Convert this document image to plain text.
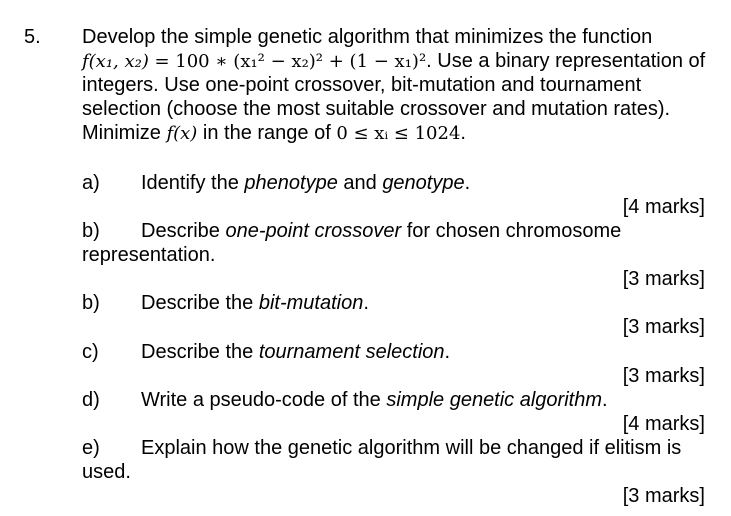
5. Develop the simple genetic algorithm that minimizes the function
f(x₁, x₂) = 100 ∗ (x₁² − x₂)² + (1 − x₁)². Use a binary representation of
integers. Use one-point crossover, bit-mutation and tournament
selection (choose the most suitable crossover and mutation rates).
Minimize f(x) in the range of 0 ≤ xᵢ ≤ 1024.
a) Identify the phenotype and genotype.
[4 marks]
b) Describe one-point crossover for chosen chromosome
representation.
[3 marks]
b) Describe the bit-mutation.
[3 marks]
c) Describe the tournament selection.
[3 marks]
d) Write a pseudo-code of the simple genetic algorithm.
[4 marks]
e) Explain how the genetic algorithm will be changed if elitism is
used.
[3 marks]
